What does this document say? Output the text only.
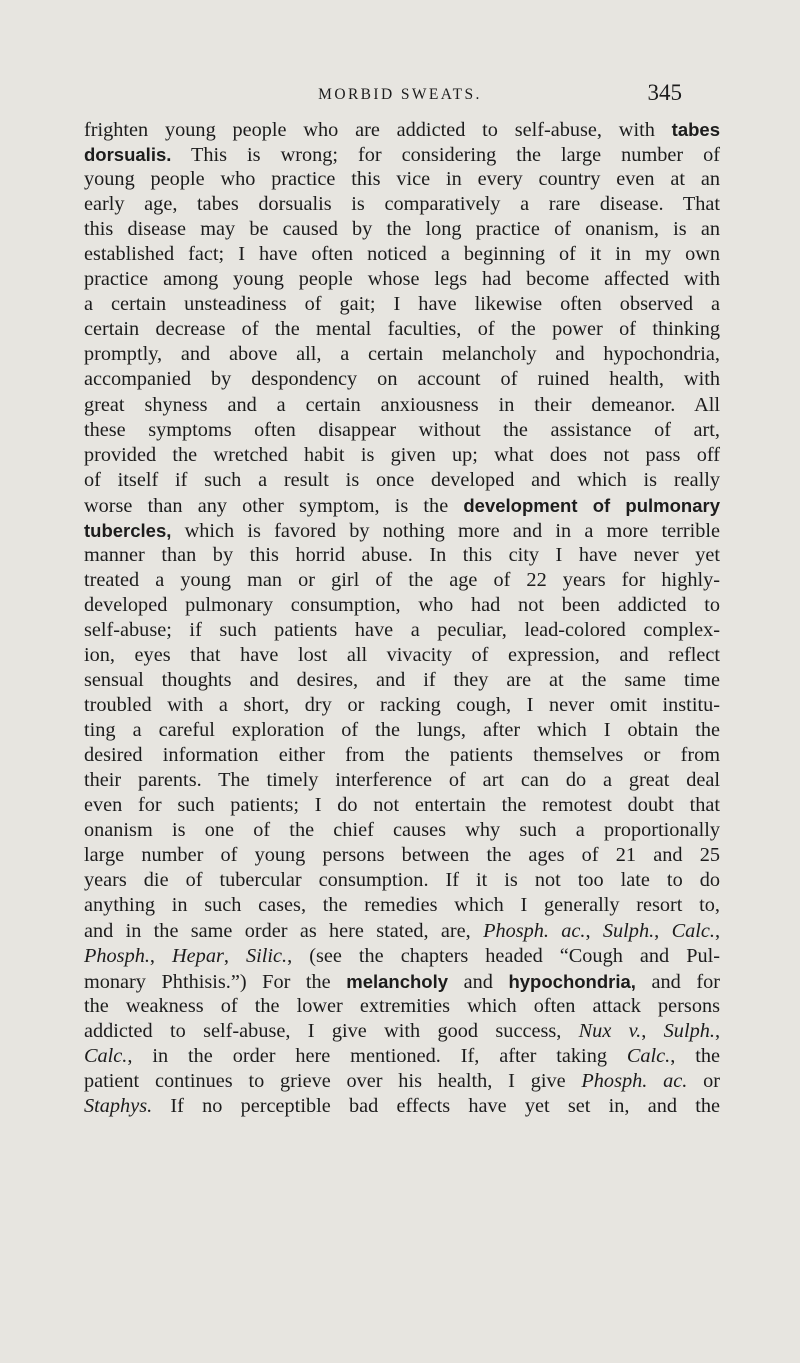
MORBID SWEATS.	345
frighten young people who are addicted to self-abuse, with tabes
dorsualis. This is wrong; for considering the large number of
young people who practice this vice in every country even at an
early age, tabes dorsualis is comparatively a rare disease. That
this disease may be caused by the long practice of onanism, is an
established fact; I have often noticed a beginning of it in my own
practice among young people whose legs had become affected with
a certain unsteadiness of gait; I have likewise often observed a
certain decrease of the mental faculties, of the power of thinking
promptly, and above all, a certain melancholy and hypochondria,
accompanied by despondency on account of ruined health, with
great shyness and a certain anxiousness in their demeanor. All
these symptoms often disappear without the assistance of art,
provided the wretched habit is given up; what does not pass off
of itself if such a result is once developed and which is really
worse than any other symptom, is the development of pulmonary
tubercles, which is favored by nothing more and in a more terrible
manner than by this horrid abuse. In this city I have never yet
treated a young man or girl of the age of 22 years for highly-
developed pulmonary consumption, who had not been addicted to
self-abuse; if such patients have a peculiar, lead-colored complex-
ion, eyes that have lost all vivacity of expression, and reflect
sensual thoughts and desires, and if they are at the same time
troubled with a short, dry or racking cough, I never omit institu-
ting a careful exploration of the lungs, after which I obtain the
desired information either from the patients themselves or from
their parents. The timely interference of art can do a great deal
even for such patients; I do not entertain the remotest doubt that
onanism is one of the chief causes why such a proportionally
large number of young persons between the ages of 21 and 25
years die of tubercular consumption. If it is not too late to do
anything in such cases, the remedies which I generally resort to,
and in the same order as here stated, are, Phosph. ac., Sulph., Calc.,
Phosph., Hepar, Silic., (see the chapters headed “Cough and Pul-
monary Phthisis.”) For the melancholy and hypochondria, and for
the weakness of the lower extremities which often attack persons
addicted to self-abuse, I give with good success, Nux v., Sulph.,
Calc., in the order here mentioned. If, after taking Calc., the
patient continues to grieve over his health, I give Phosph. ac. or
Staphys. If no perceptible bad effects have yet set in, and the
